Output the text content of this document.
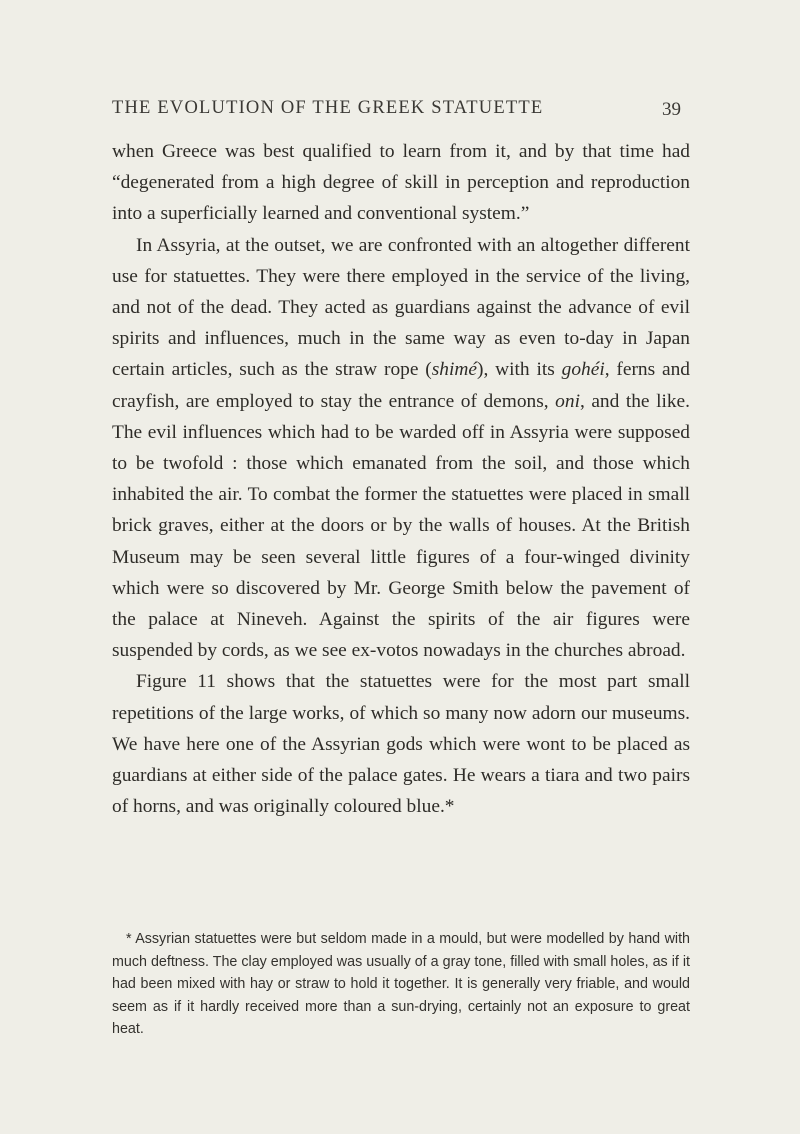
THE EVOLUTION OF THE GREEK STATUETTE	39

when Greece was best qualified to learn from it, and by that time had “degenerated from a high degree of skill in perception and reproduction into a superficially learned and conventional system.”

In Assyria, at the outset, we are confronted with an altogether different use for statuettes. They were there employed in the service of the living, and not of the dead. They acted as guardians against the advance of evil spirits and influences, much in the same way as even to-day in Japan certain articles, such as the straw rope (shimé), with its gohéi, ferns and crayfish, are employed to stay the entrance of demons, oni, and the like. The evil influences which had to be warded off in Assyria were supposed to be twofold : those which emanated from the soil, and those which inhabited the air. To combat the former the statuettes were placed in small brick graves, either at the doors or by the walls of houses. At the British Museum may be seen several little figures of a four-winged divinity which were so discovered by Mr. George Smith below the pavement of the palace at Nineveh. Against the spirits of the air figures were suspended by cords, as we see ex-votos nowadays in the churches abroad.

Figure 11 shows that the statuettes were for the most part small repetitions of the large works, of which so many now adorn our museums. We have here one of the Assyrian gods which were wont to be placed as guardians at either side of the palace gates. He wears a tiara and two pairs of horns, and was originally coloured blue.*

* Assyrian statuettes were but seldom made in a mould, but were modelled by hand with much deftness. The clay employed was usually of a gray tone, filled with small holes, as if it had been mixed with hay or straw to hold it together. It is generally very friable, and would seem as if it hardly received more than a sun-drying, certainly not an exposure to great heat.
